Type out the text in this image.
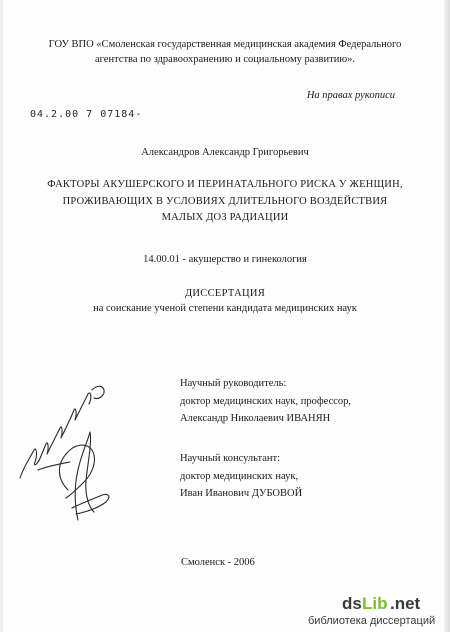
ГОУ ВПО «Смоленская государственная медицинская академия Федерального
агентства по здравоохранению и социальному развитию».
На правах рукописи
04.2.00 7 07184-
Александров Александр Григорьевич
ФАКТОРЫ АКУШЕРСКОГО И ПЕРИНАТАЛЬНОГО РИСКА У ЖЕНЩИН,
ПРОЖИВАЮЩИХ В УСЛОВИЯХ ДЛИТЕЛЬНОГО ВОЗДЕЙСТВИЯ
МАЛЫХ ДОЗ РАДИАЦИИ
14.00.01 - акушерство и гинекология
ДИССЕРТАЦИЯ
на соискание ученой степени кандидата медицинских наук
Научный руководитель:
доктор медицинских наук, профессор,
Александр Николаевич ИВАНЯН
Научный консультант:
доктор медицинских наук,
Иван Иванович ДУБОВОЙ
Смоленск - 2006
ds Lib .net
библиотека диссертаций
